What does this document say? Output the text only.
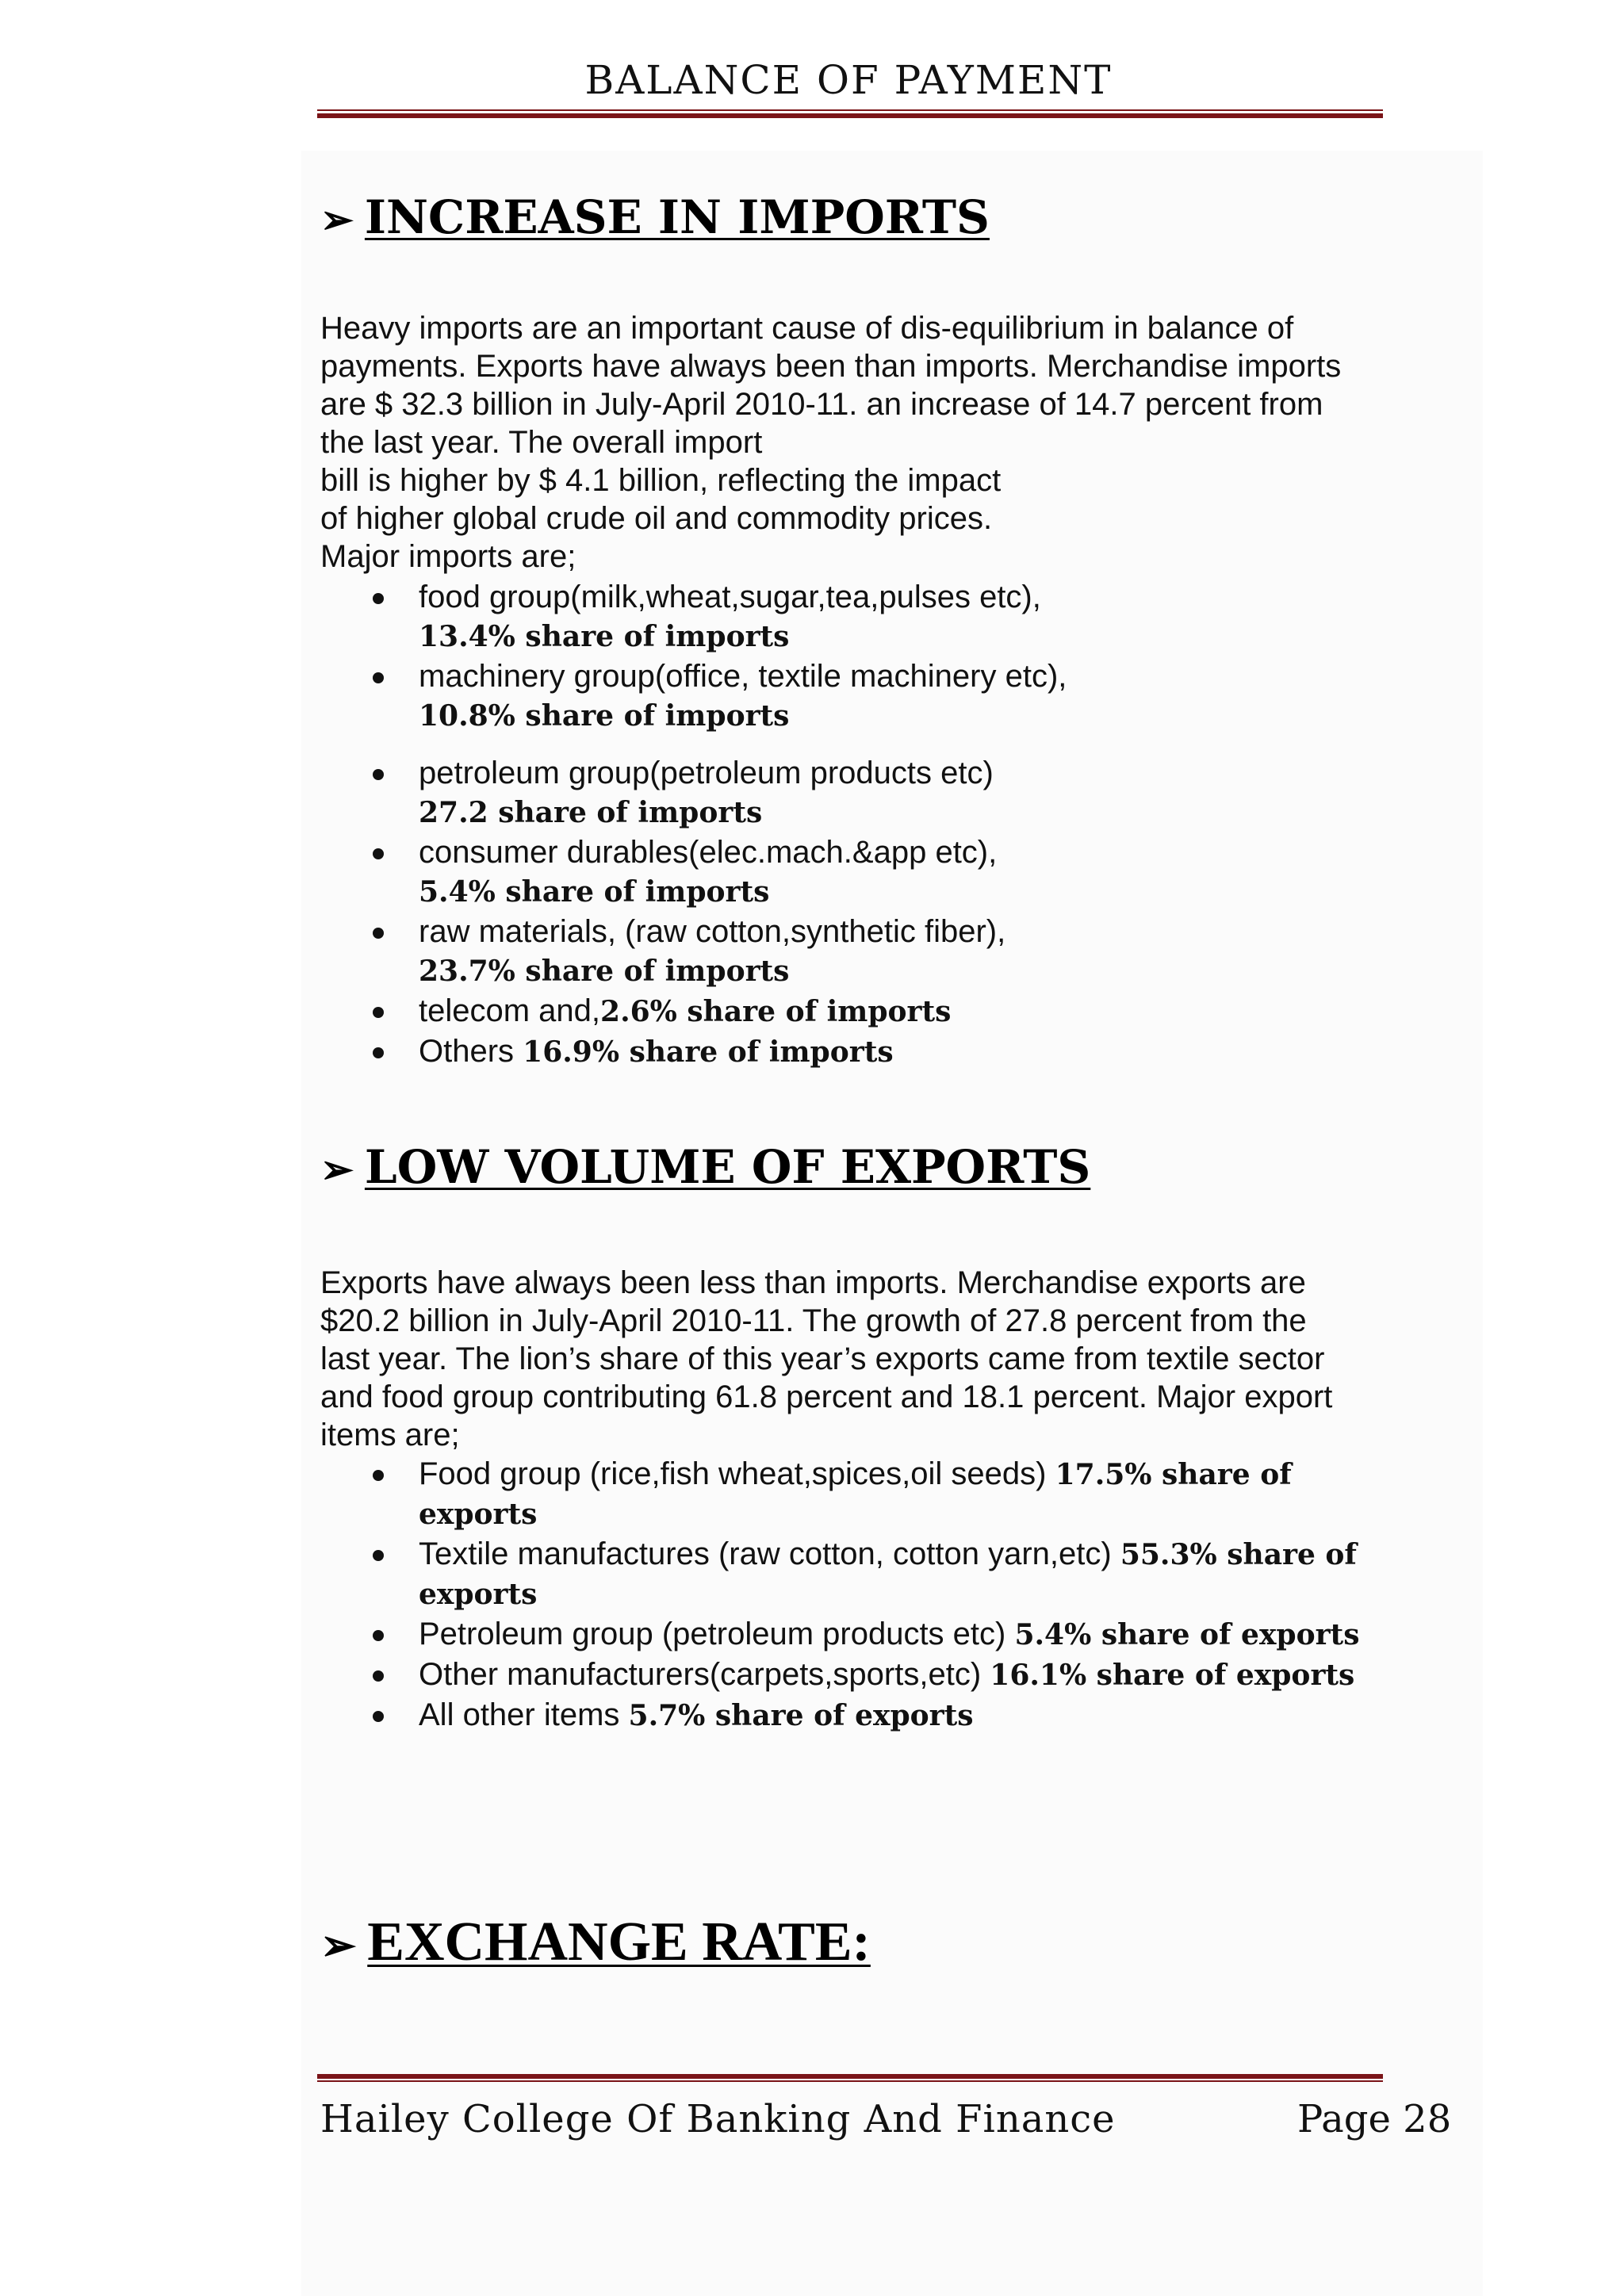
BALANCE OF PAYMENT
➢ INCREASE IN IMPORTS
Heavy imports are an important cause of dis-equilibrium in balance of
payments. Exports have always been than imports. Merchandise imports
are $ 32.3 billion in July-April 2010-11. an increase of 14.7 percent from
the last year. The overall import
bill is higher by $ 4.1 billion, reflecting the impact
of higher global crude oil and commodity prices.
Major imports are;
food group(milk,wheat,sugar,tea,pulses etc),
13.4% share of imports
machinery group(office, textile machinery etc),
10.8% share of imports
petroleum group(petroleum products etc)
27.2 share of imports
consumer durables(elec.mach.&app etc),
5.4% share of imports
raw materials, (raw cotton,synthetic fiber),
23.7% share of imports
telecom and,2.6% share of imports
Others 16.9% share of imports
➢ LOW VOLUME OF EXPORTS
Exports have always been less than imports. Merchandise exports are
$20.2 billion in July-April 2010-11. The growth of 27.8 percent from the
last year. The lion’s share of this year’s exports came from textile sector
and food group contributing 61.8 percent and 18.1 percent. Major export
items are;
Food group (rice,fish wheat,spices,oil seeds) 17.5% share of
exports
Textile manufactures (raw cotton, cotton yarn,etc) 55.3% share of
exports
Petroleum group (petroleum products etc) 5.4% share of exports
Other manufacturers(carpets,sports,etc) 16.1% share of exports
All other items 5.7% share of exports
➢ EXCHANGE RATE:
Hailey College Of Banking And Finance	Page 28
